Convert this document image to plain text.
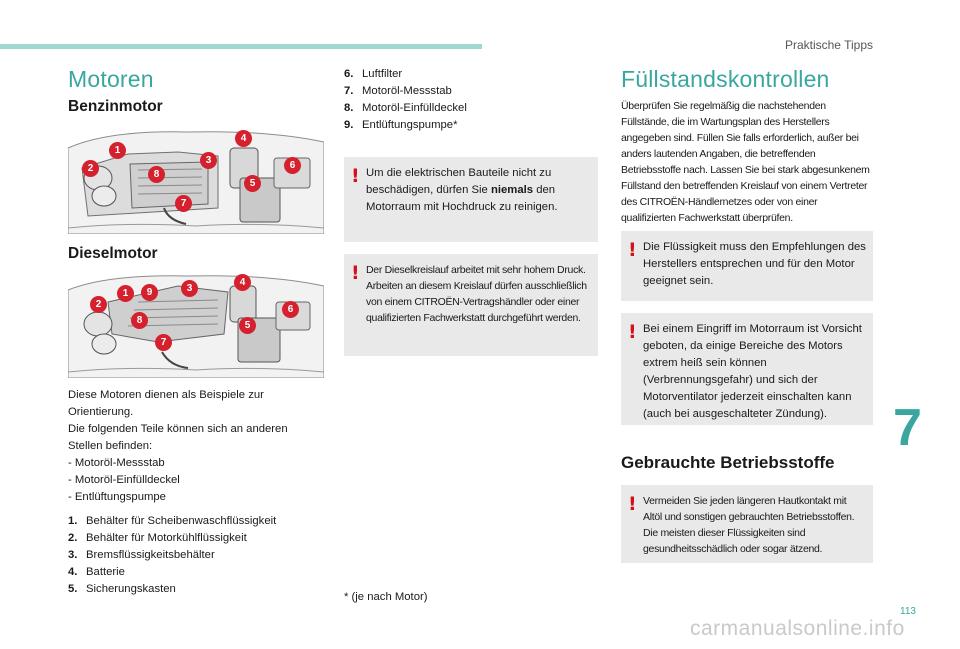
Praktische Tipps
Motoren
Benzinmotor
1
2
3
4
5
6
7
8
Dieselmotor
1
2
3
4
5
6
7
8
9
Diese Motoren dienen als Beispiele zur
Orientierung.
Die folgenden Teile können sich an anderen
Stellen befinden:
- Motoröl-Messstab
- Motoröl-Einfülldeckel
- Entlüftungspumpe
1. Behälter für Scheibenwaschflüssigkeit
2. Behälter für Motorkühlflüssigkeit
3. Bremsflüssigkeitsbehälter
4. Batterie
5. Sicherungskasten
6. Luftfilter
7. Motoröl-Messstab
8. Motoröl-Einfülldeckel
9. Entlüftungspumpe*
! Um die elektrischen Bauteile nicht zu beschädigen, dürfen Sie niemals den Motorraum mit Hochdruck zu reinigen.
! Der Dieselkreislauf arbeitet mit sehr hohem Druck. Arbeiten an diesem Kreislauf dürfen ausschließlich von einem CITROËN-Vertragshändler oder einer qualifizierten Fachwerkstatt durchgeführt werden.
* (je nach Motor)
Füllstandskontrollen
Überprüfen Sie regelmäßig die nachstehenden Füllstände, die im Wartungsplan des Herstellers angegeben sind. Füllen Sie falls erforderlich, außer bei anders lautenden Angaben, die betreffenden Betriebsstoffe nach. Lassen Sie bei stark abgesunkenem Füllstand den betreffenden Kreislauf von einem Vertreter des CITROËN-Händlernetzes oder von einer qualifizierten Fachwerkstatt überprüfen.
! Die Flüssigkeit muss den Empfehlungen des Herstellers entsprechen und für den Motor geeignet sein.
! Bei einem Eingriff im Motorraum ist Vorsicht geboten, da einige Bereiche des Motors extrem heiß sein können (Verbrennungsgefahr) und sich der Motorventilator jederzeit einschalten kann (auch bei ausgeschalteter Zündung).
Gebrauchte Betriebsstoffe
! Vermeiden Sie jeden längeren Hautkontakt mit Altöl und sonstigen gebrauchten Betriebsstoffen. Die meisten dieser Flüssigkeiten sind gesundheitsschädlich oder sogar ätzend.
7
113
carmanualsonline.info
